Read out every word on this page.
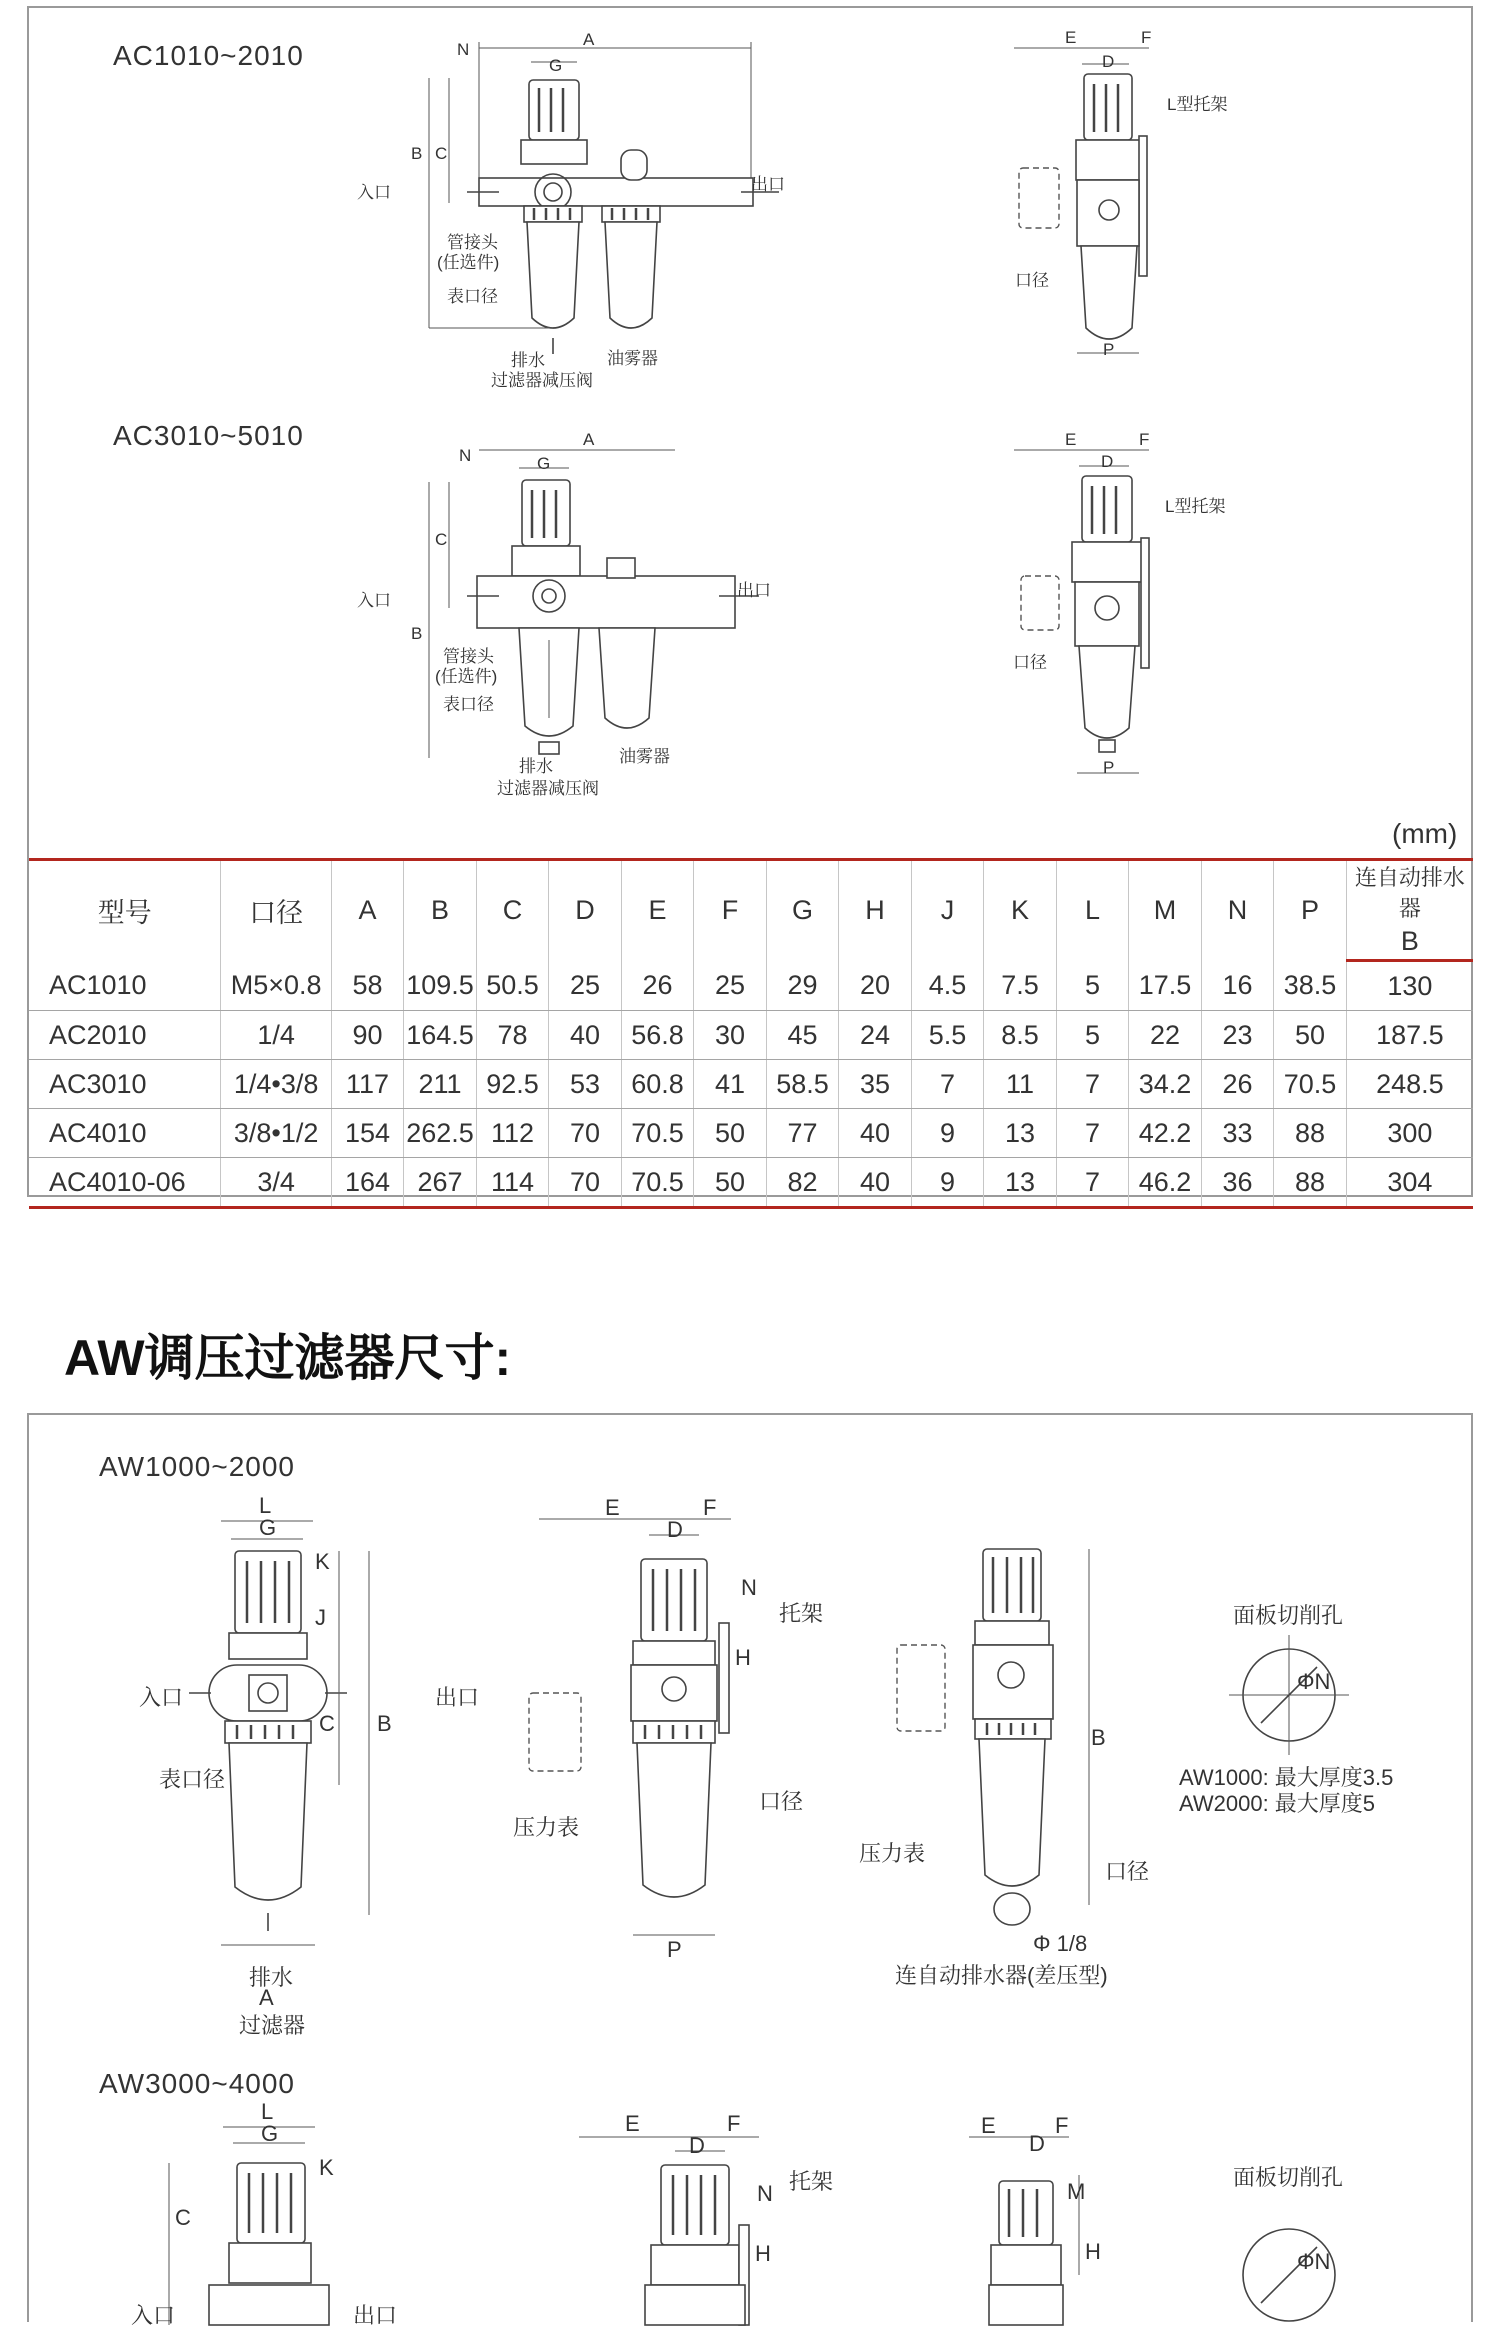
AC1010~2010
AC3010~5010
N
G
A
B C
入口	出口
管接头
(任选件)
表口径
排水
过滤器减压阀
油雾器
E
D
F
L型托架
口径
P
N	G
A
C
B
入口
出口
管接头
(任选件)
表口径
排水
过滤器减压阀
油雾器
E
D
F
L型托架
口径
P
(mm)
型号	口径	A	B	C	D	E	F	G	H	J	K	L	M	N	P	连自动排水器
																B
AC1010	M5×0.8	58	109.5	50.5	25	26	25	29	20	4.5	7.5	5	17.5	16	38.5	130
AC2010	1/4	90	164.5	78	40	56.8	30	45	24	5.5	8.5	5	22	23	50	187.5
AC3010	1/4•3/8	117	211	92.5	53	60.8	41	58.5	35	7	11	7	34.2	26	70.5	248.5
AC4010	3/8•1/2	154	262.5	112	70	70.5	50	77	40	9	13	7	42.2	33	88	300
AC4010-06	3/4	164	267	114	70	70.5	50	82	40	9	13	7	46.2	36	88	304
AW调压过滤器尺寸:
AW1000~2000
AW3000~4000
L
G
K
J
C B
入口	出口
表口径
排水
A
过滤器
E
D
F
N
托架
H
压力表
口径
P
B
压力表
口径
Φ 1/8
连自动排水器(差压型)
面板切削孔
ΦN
AW1000: 最大厚度3.5
AW2000: 最大厚度5
L
G
K
C
入口	出口
E
D
F
N 托架
H
E
D
F
M
H
面板切削孔
ΦN
